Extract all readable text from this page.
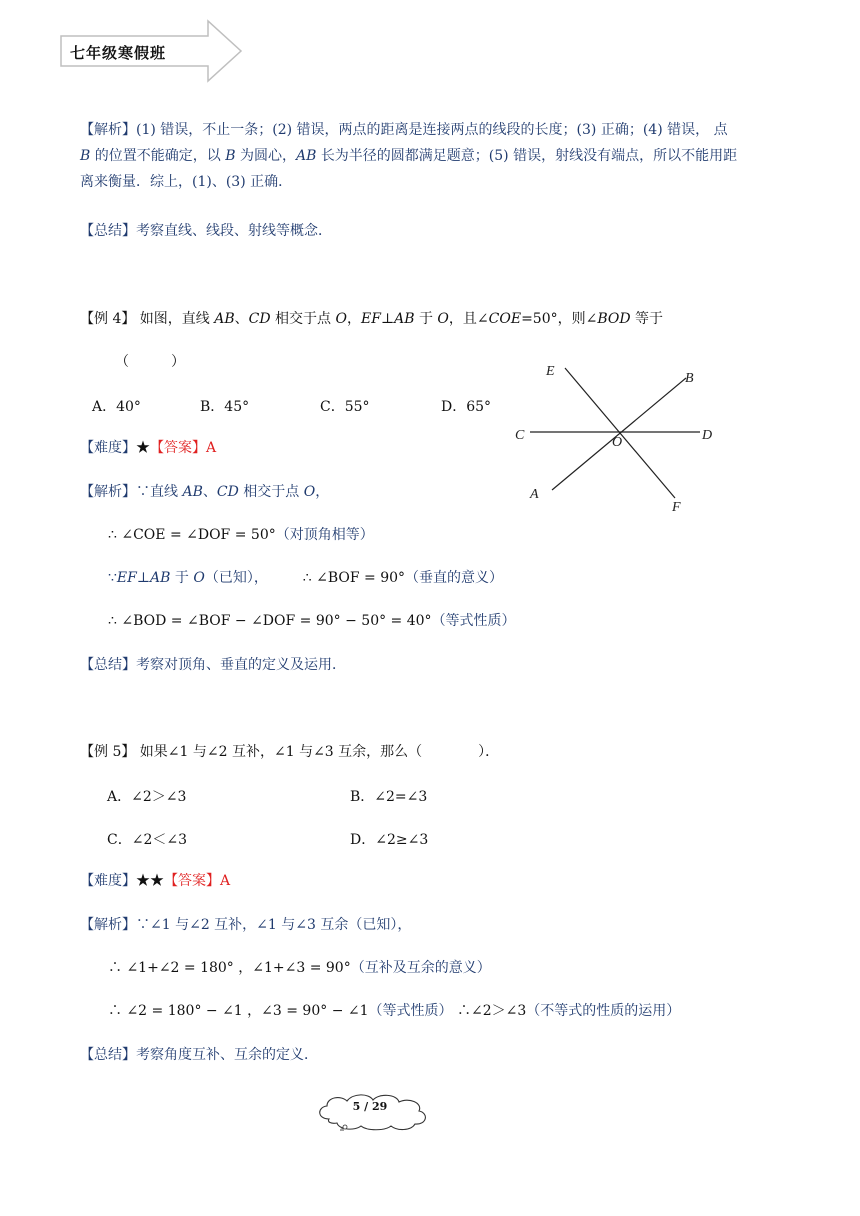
七年级寒假班
【解析】(1) 错误，不止一条；(2) 错误，两点的距离是连接两点的线段的长度；(3) 正确；(4) 错误， 点
B 的位置不能确定，以 B 为圆心，AB 长为半径的圆都满足题意；(5) 错误，射线没有端点，所以不能用距
离来衡量．综上，(1)、(3) 正确．
【总结】考察直线、线段、射线等概念．
【例 4】 如图，直线 AB、CD 相交于点 O，EF⊥AB 于 O，且∠COE=50°，则∠BOD 等于
（　　　）
A．40°	B．45°	C．55°	D．65°
E	B
C	O	D
A
F
【难度】★【答案】A
【解析】∵直线 AB、CD 相交于点 O，
∴ ∠COE = ∠DOF = 50°（对顶角相等）
∵EF⊥AB 于 O（已知）， ∴ ∠BOF = 90°（垂直的意义）
∴ ∠BOD = ∠BOF − ∠DOF = 90° − 50° = 40°（等式性质）
【总结】考察对顶角、垂直的定义及运用．
【例 5】 如果∠1 与∠2 互补，∠1 与∠3 互余，那么（　　　　）．
A．∠2＞∠3	B．∠2=∠3
C．∠2＜∠3	D．∠2≥∠3
【难度】★★【答案】A
【解析】∵∠1 与∠2 互补，∠1 与∠3 互余（已知），
∴ ∠1+∠2 = 180° ，∠1+∠3 = 90°（互补及互余的意义）
∴ ∠2 = 180° − ∠1 ，∠3 = 90° − ∠1（等式性质） ∴∠2＞∠3（不等式的性质的运用）
【总结】考察角度互补、互余的定义．
5 / 29
